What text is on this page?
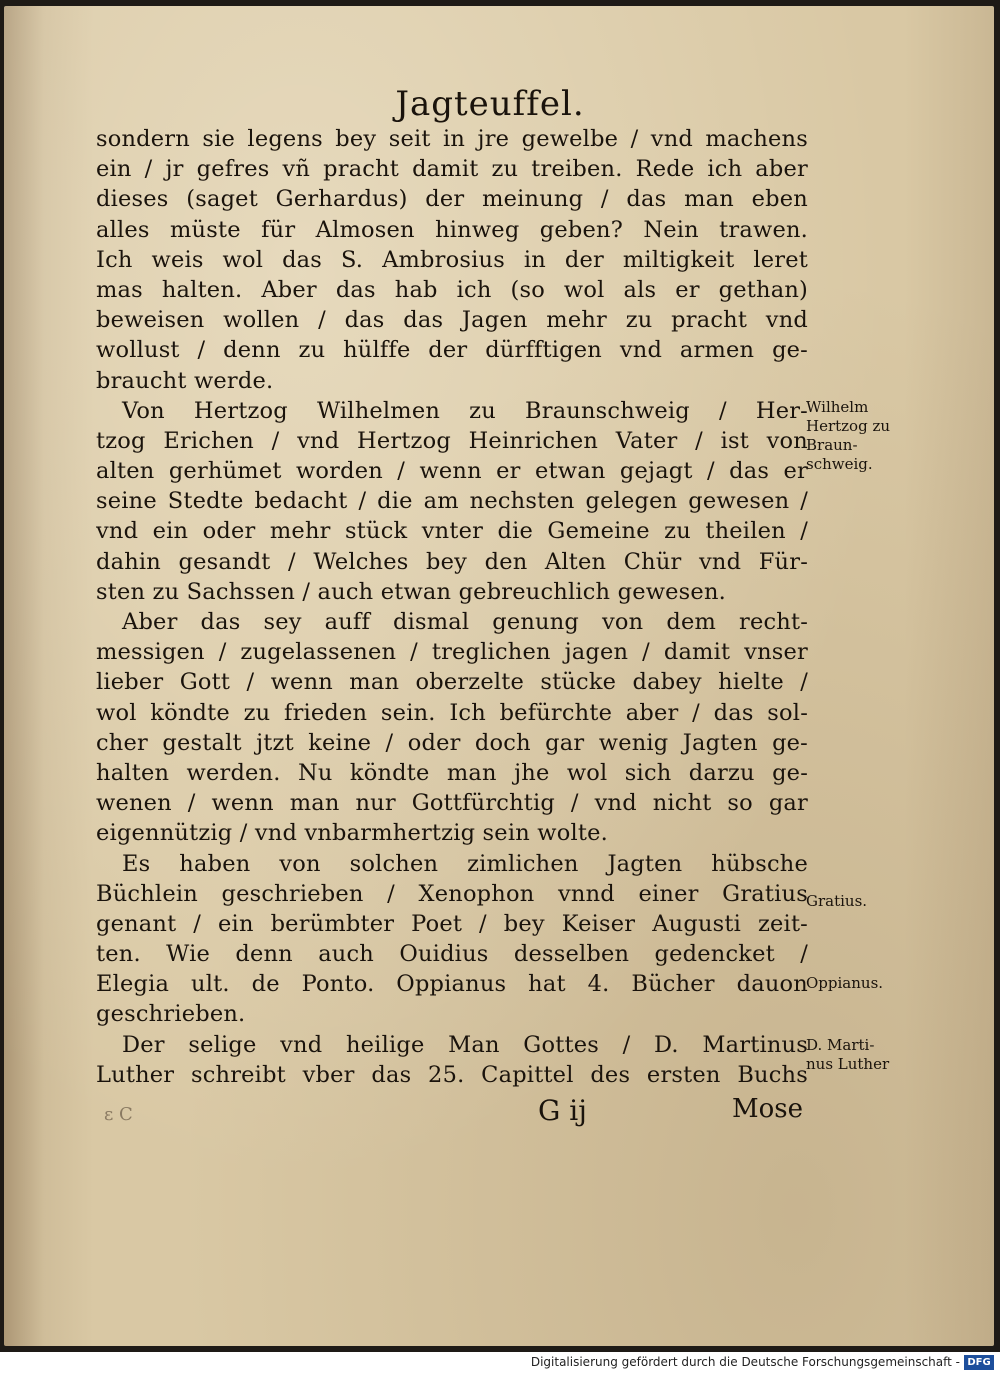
Jagteuffel.
sondern sie legens bey seit in jre gewelbe / vnd machens
ein / jr gefres vñ pracht damit zu treiben. Rede ich aber
dieses (saget Gerhardus) der meinung / das man eben
alles müste für Almosen hinweg geben? Nein trawen.
Ich weis wol das S. Ambrosius in der miltigkeit leret
mas halten. Aber das hab ich (so wol als er gethan)
beweisen wollen / das das Jagen mehr zu pracht vnd
wollust / denn zu hülffe der dürfftigen vnd armen ge-
braucht werde.
Von Hertzog Wilhelmen zu Braunschweig / Her-
tzog Erichen / vnd Hertzog Heinrichen Vater / ist von
alten gerhümet worden / wenn er etwan gejagt / das er
seine Stedte bedacht / die am nechsten gelegen gewesen /
vnd ein oder mehr stück vnter die Gemeine zu theilen /
dahin gesandt / Welches bey den Alten Chür vnd Für-
sten zu Sachssen / auch etwan gebreuchlich gewesen.
Aber das sey auff dismal genung von dem recht-
messigen / zugelassenen / treglichen jagen / damit vnser
lieber Gott / wenn man oberzelte stücke dabey hielte /
wol köndte zu frieden sein. Ich befürchte aber / das sol-
cher gestalt jtzt keine / oder doch gar wenig Jagten ge-
halten werden. Nu köndte man jhe wol sich darzu ge-
wenen / wenn man nur Gottfürchtig / vnd nicht so gar
eigennützig / vnd vnbarmhertzig sein wolte.
Es haben von solchen zimlichen Jagten hübsche
Büchlein geschrieben / Xenophon vnnd einer Gratius
genant / ein berümbter Poet / bey Keiser Augusti zeit-
ten. Wie denn auch Ouidius desselben gedencket /
Elegia ult. de Ponto. Oppianus hat 4. Bücher dauon
geschrieben.
Der selige vnd heilige Man Gottes / D. Martinus
Luther schreibt vber das 25. Capittel des ersten Buchs
Wilhelm
Hertzog zu
Braun-
schweig.
Gratius.
Oppianus.
D. Marti-
nus Luther
ɛ C	G ij	Mose
Digitalisierung gefördert durch die Deutsche Forschungsgemeinschaft - DFG
